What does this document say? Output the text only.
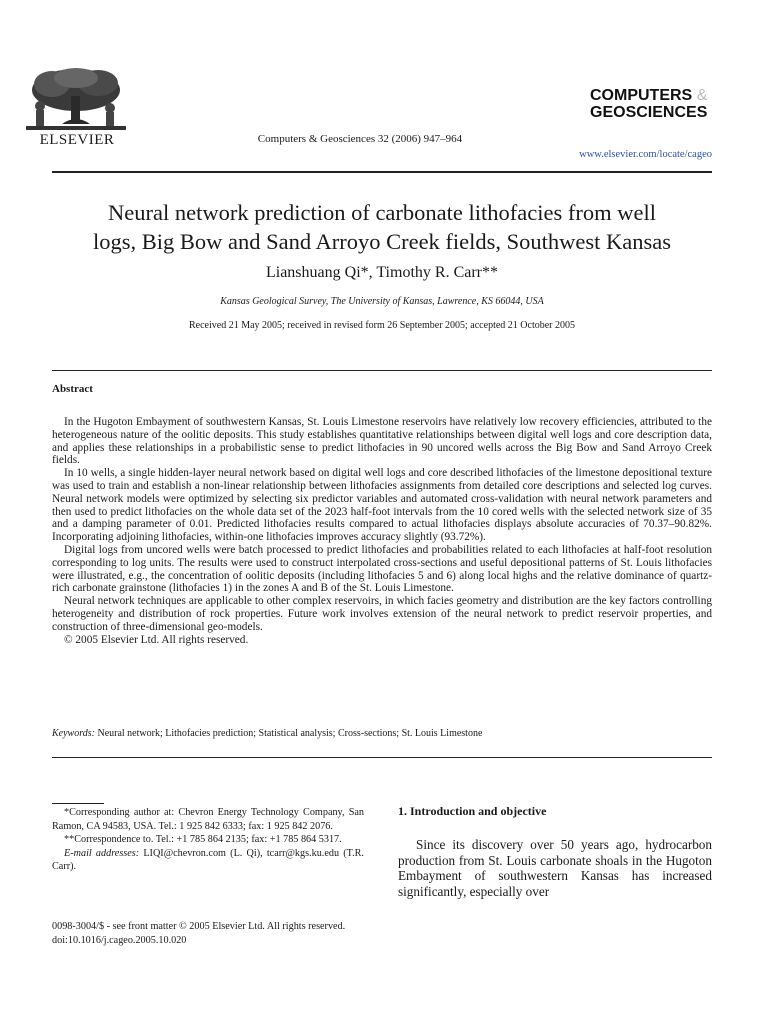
ELSEVIER	Computers & Geosciences 32 (2006) 947–964
COMPUTERS &
GEOSCIENCES
www.elsevier.com/locate/cageo
Neural network prediction of carbonate lithofacies from well
logs, Big Bow and Sand Arroyo Creek fields, Southwest Kansas
Lianshuang Qi*, Timothy R. Carr**
Kansas Geological Survey, The University of Kansas, Lawrence, KS 66044, USA
Received 21 May 2005; received in revised form 26 September 2005; accepted 21 October 2005
Abstract

In the Hugoton Embayment of southwestern Kansas, St. Louis Limestone reservoirs have relatively low recovery efficiencies, attributed to the heterogeneous nature of the oolitic deposits. This study establishes quantitative relationships between digital well logs and core description data, and applies these relationships in a probabilistic sense to predict lithofacies in 90 uncored wells across the Big Bow and Sand Arroyo Creek fields.

In 10 wells, a single hidden-layer neural network based on digital well logs and core described lithofacies of the limestone depositional texture was used to train and establish a non-linear relationship between lithofacies assignments from detailed core descriptions and selected log curves. Neural network models were optimized by selecting six predictor variables and automated cross-validation with neural network parameters and then used to predict lithofacies on the whole data set of the 2023 half-foot intervals from the 10 cored wells with the selected network size of 35 and a damping parameter of 0.01. Predicted lithofacies results compared to actual lithofacies displays absolute accuracies of 70.37–90.82%. Incorporating adjoining lithofacies, within-one lithofacies improves accuracy slightly (93.72%).

Digital logs from uncored wells were batch processed to predict lithofacies and probabilities related to each lithofacies at half-foot resolution corresponding to log units. The results were used to construct interpolated cross-sections and useful depositional patterns of St. Louis lithofacies were illustrated, e.g., the concentration of oolitic deposits (including lithofacies 5 and 6) along local highs and the relative dominance of quartz-rich carbonate grainstone (lithofacies 1) in the zones A and B of the St. Louis Limestone.

Neural network techniques are applicable to other complex reservoirs, in which facies geometry and distribution are the key factors controlling heterogeneity and distribution of rock properties. Future work involves extension of the neural network to predict reservoir properties, and construction of three-dimensional geo-models.

© 2005 Elsevier Ltd. All rights reserved.

Keywords: Neural network; Lithofacies prediction; Statistical analysis; Cross-sections; St. Louis Limestone

*Corresponding author at: Chevron Energy Technology Company, San Ramon, CA 94583, USA. Tel.: 1 925 842 6333; fax: 1 925 842 2076.

**Correspondence to. Tel.: +1 785 864 2135; fax: +1 785 864 5317.

E-mail addresses: LIQI@chevron.com (L. Qi), tcarr@kgs.ku.edu (T.R. Carr).

0098-3004/$ - see front matter © 2005 Elsevier Ltd. All rights reserved.
doi:10.1016/j.cageo.2005.10.020
1. Introduction and objective

Since its discovery over 50 years ago, hydrocarbon production from St. Louis carbonate shoals in the Hugoton Embayment of southwestern Kansas has increased significantly, especially over
